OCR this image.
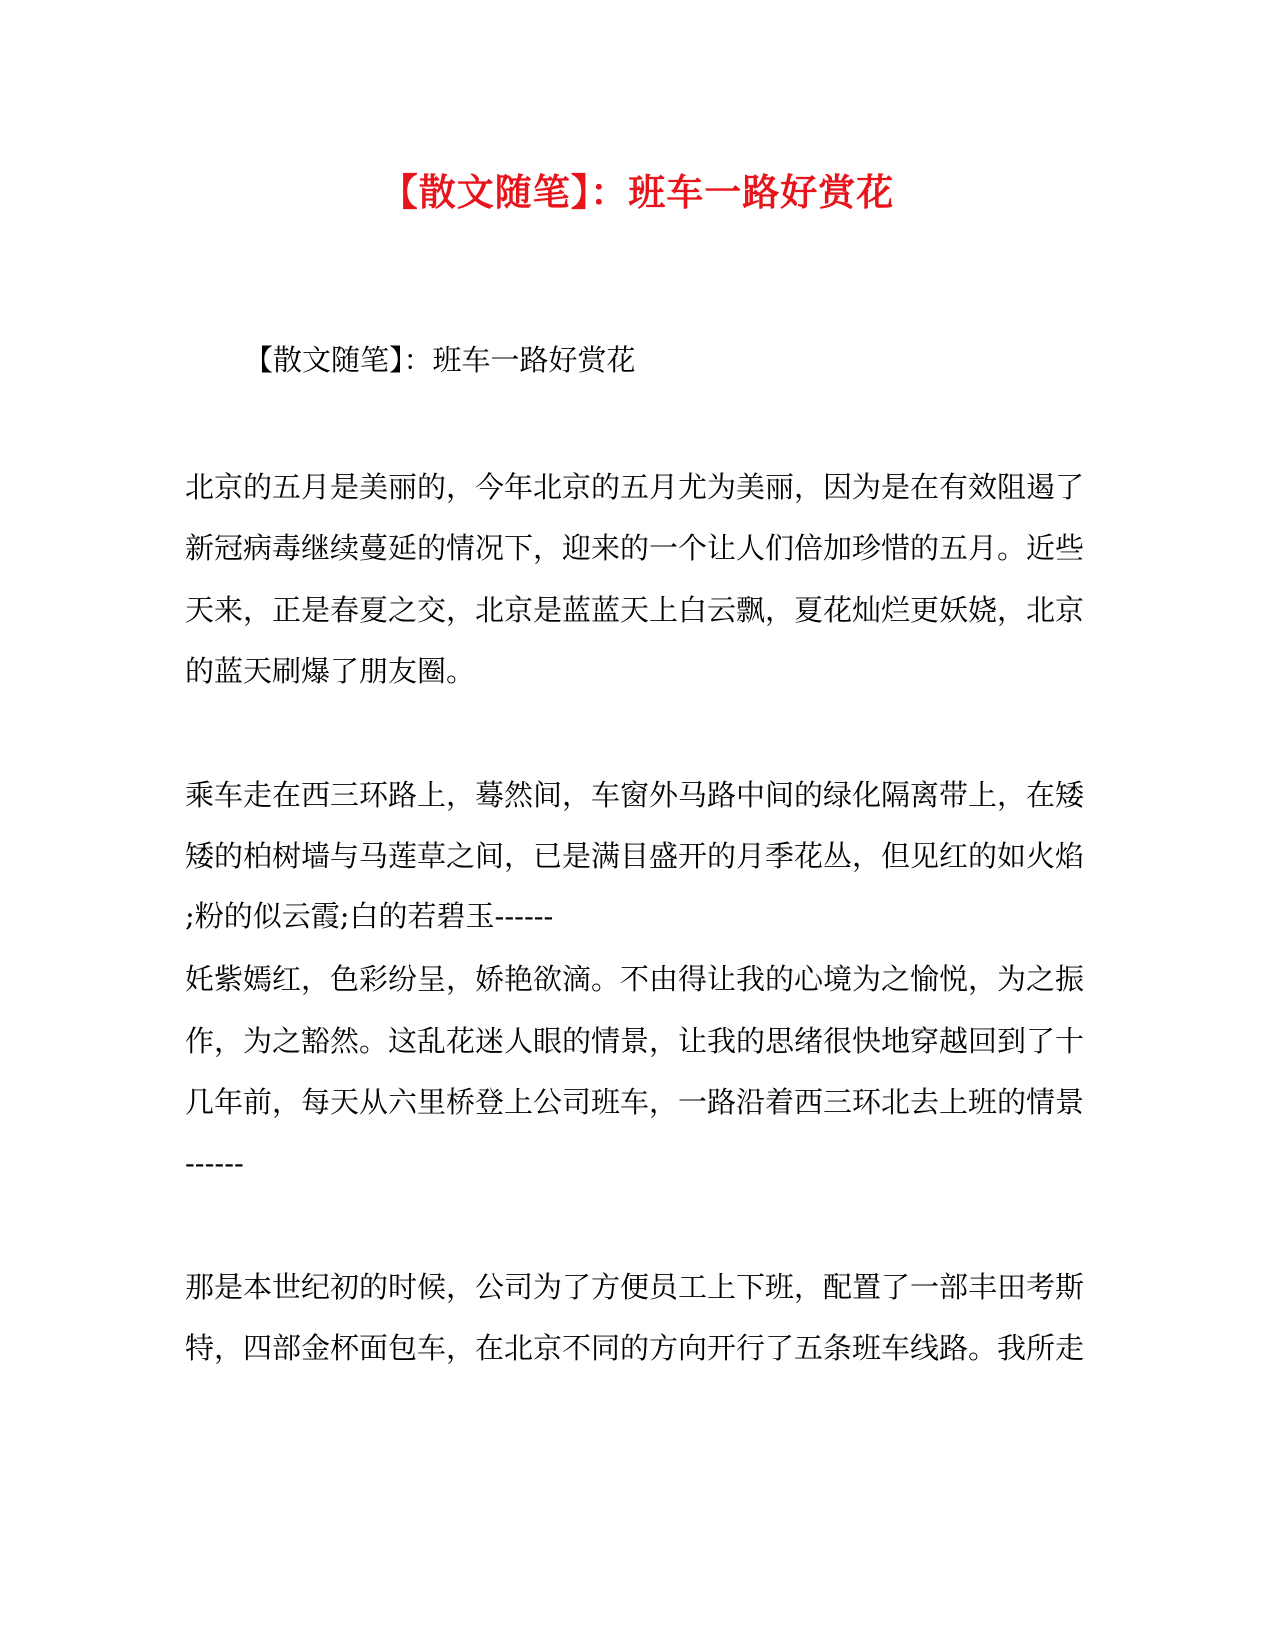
【散文随笔】：班车一路好赏花

【散文随笔】：班车一路好赏花

北京的五月是美丽的，今年北京的五月尤为美丽，因为是在有效阻遏了

新冠病毒继续蔓延的情况下，迎来的一个让人们倍加珍惜的五月。近些

天来，正是春夏之交，北京是蓝蓝天上白云飘，夏花灿烂更妖娆，北京

的蓝天刷爆了朋友圈。

乘车走在西三环路上，蓦然间，车窗外马路中间的绿化隔离带上，在矮

矮的柏树墙与马莲草之间，已是满目盛开的月季花丛，但见红的如火焰

;粉的似云霞;白的若碧玉------

奼紫嫣红，色彩纷呈，娇艳欲滴。不由得让我的心境为之愉悦，为之振

作，为之豁然。这乱花迷人眼的情景，让我的思绪很快地穿越回到了十

几年前，每天从六里桥登上公司班车，一路沿着西三环北去上班的情景

------

那是本世纪初的时候，公司为了方便员工上下班，配置了一部丰田考斯

特，四部金杯面包车，在北京不同的方向开行了五条班车线路。我所走
